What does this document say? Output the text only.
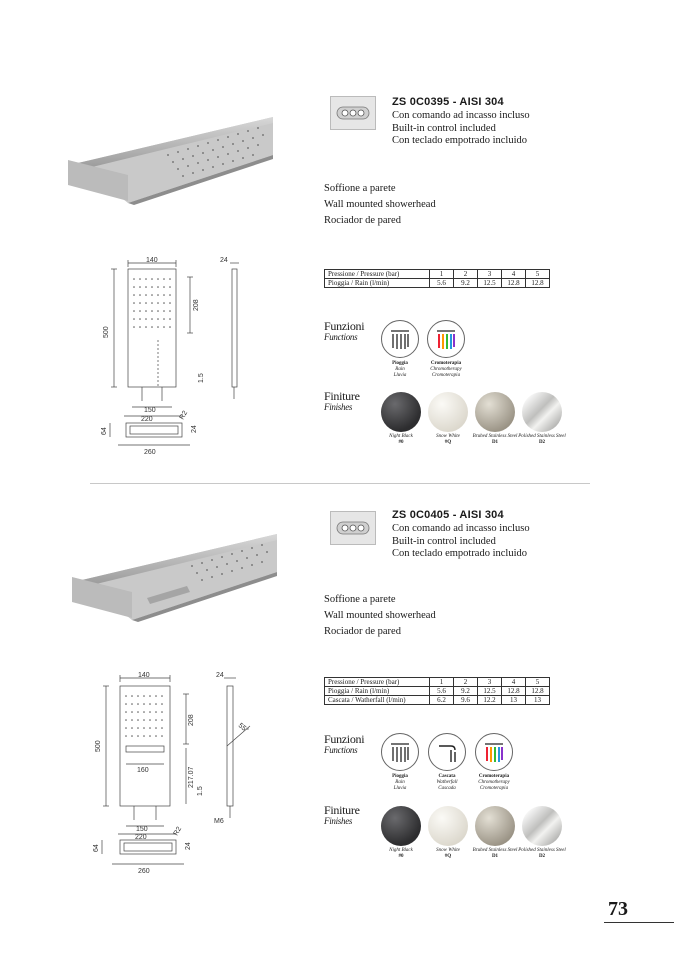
ZS 0C0395 - AISI 304
Con comando ad incasso incluso
Built-in control included
Con teclado empotrado incluido
Soffione a parete
Wall mounted showerhead
Rociador de pared
140	24
500
208
1.5
150
220	R2
24
64
260
Pressione / Pressure (bar)	1	2	3	4	5
Pioggia / Rain (l/min)	5.6	9.2	12.5	12.8	12.8
Funzioni
Functions
Pioggia
Rain
Lluvia
Cromoterapia
Chromotherapy
Cromoterapia
Finiture
Finishes
Night Black
#0
Snow White
#Q
Bruhed Stainless Steel
D1
Polished Stainless Steel
D2
ZS 0C0405 - AISI 304
Con comando ad incasso incluso
Built-in control included
Con teclado empotrado incluido
Soffione a parete
Wall mounted showerhead
Rociador de pared
140	24
500
208
55°
160	217.07
1.5
M6
150
220
R2
24
64
260
Pressione / Pressure (bar)	1	2	3	4	5
Pioggia / Rain (l/min)	5.6	9.2	12.5	12.8	12.8
Cascata / Watherfall (l/min)	6.2	9.6	12.2	13	13
Funzioni
Functions
Pioggia
Rain
Lluvia
Cascata
Watherfall
Cascada
Cromoterapia
Chromotherapy
Cromoterapia
Finiture
Finishes
Night Black
#0
Snow White
#Q
Bruhed Stainless Steel
D1
Polished Stainless Steel
D2
73
